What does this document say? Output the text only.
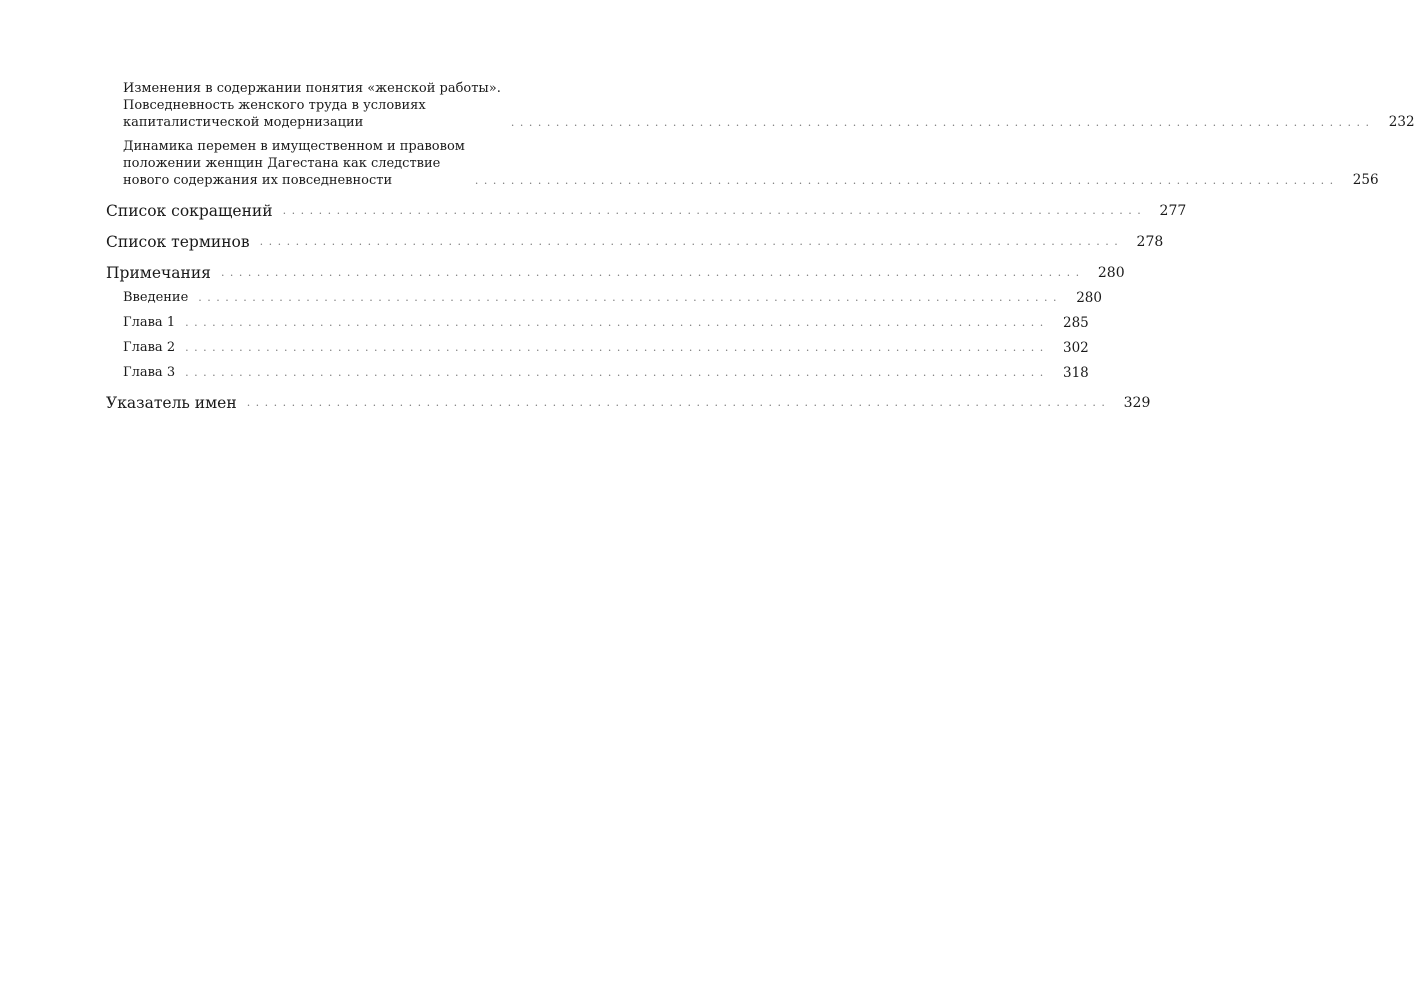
Изменения в содержании понятия «женской работы».
Повседневность женского труда в условиях
капиталистической модернизации	................................................................................................	232
Динамика перемен в имущественном и правовом
положении женщин Дагестана как следствие
нового содержания их повседневности	................................................................................................	256
Список сокращений ................................................................................................ 277
Список терминов ................................................................................................ 278
Примечания ................................................................................................ 280
Введение ................................................................................................	280
Глава 1 ................................................................................................	285
Глава 2 ................................................................................................	302
Глава 3 ................................................................................................	318
Указатель имен ................................................................................................ 329
